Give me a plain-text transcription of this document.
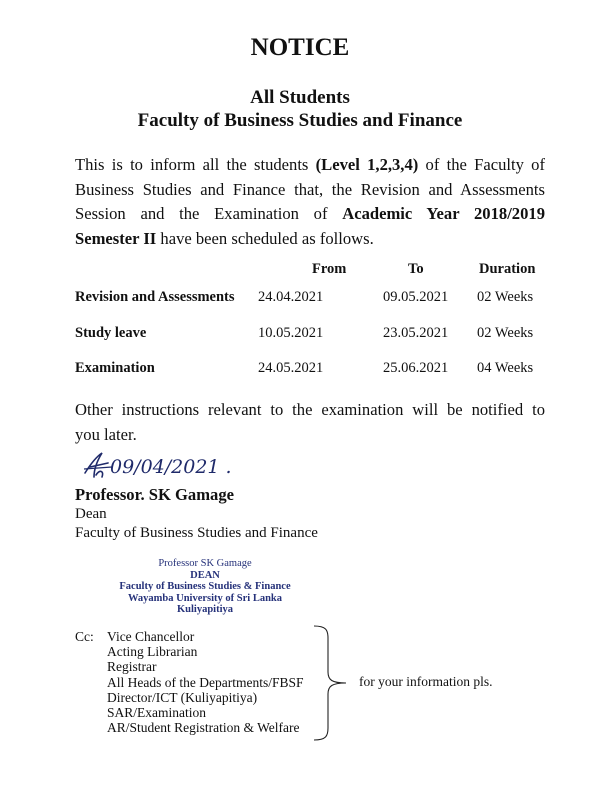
NOTICE
All Students
Faculty of Business Studies and Finance
This is to inform all the students (Level 1,2,3,4) of the Faculty of
Business Studies and Finance that, the Revision and Assessments
Session and the Examination of Academic Year 2018/2019
Semester II have been scheduled as follows.
From	To	Duration
Revision and Assessments 24.04.2021	09.05.2021 02 Weeks
Study leave	10.05.2021	23.05.2021 02 Weeks
Examination	24.05.2021	25.06.2021 04 Weeks
Other instructions relevant to the examination will be notified to
you later.
09/04/2021 .
Professor. SK Gamage
Dean
Faculty of Business Studies and Finance
Professor SK Gamage
DEAN
Faculty of Business Studies & Finance
Wayamba University of Sri Lanka
Kuliyapitiya
Cc: Vice Chancellor
Acting Librarian
Registrar
All Heads of the Departments/FBSF
Director/ICT (Kuliyapitiya)
SAR/Examination
AR/Student Registration & Welfare
for your information pls.
